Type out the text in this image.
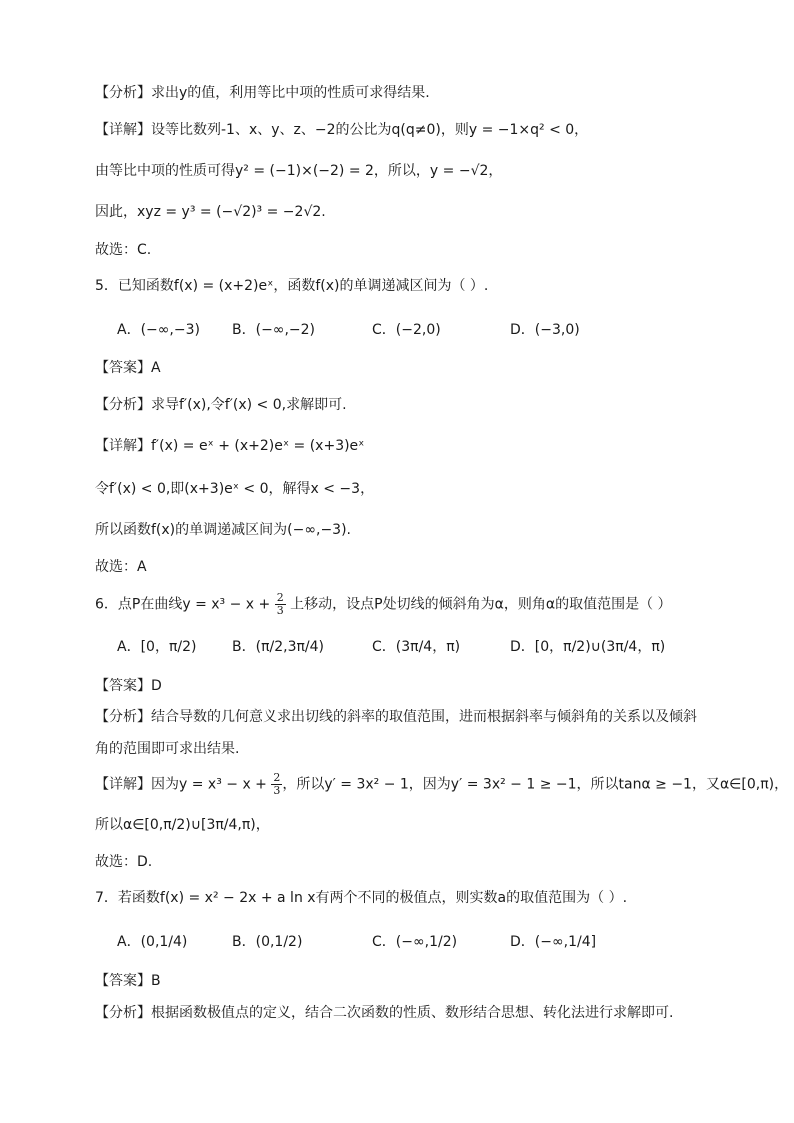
【分析】求出y的值，利用等比中项的性质可求得结果.
【详解】设等比数列-1、x、y、z、−2的公比为q(q≠0)，则y = −1×q² < 0，
由等比中项的性质可得y² = (−1)×(−2) = 2，所以，y = −√2，
因此，xyz = y³ = (−√2)³ = −2√2.
故选：C.
5．已知函数f(x) = (x+2)eˣ，函数f(x)的单调递减区间为（ ）.
A．(−∞,−3) B．(−∞,−2)	C．(−2,0)	D．(−3,0)
【答案】A
【分析】求导f′(x),令f′(x) < 0,求解即可.
【详解】f′(x) = eˣ + (x+2)eˣ = (x+3)eˣ
令f′(x) < 0,即(x+3)eˣ < 0，解得x < −3，
所以函数f(x)的单调递减区间为(−∞,−3).
故选：A
6．点P在曲线$y = x^3 - x + \frac{2}{3}$ 上移动，设点P处切线的倾斜角为α，则角α的取值范围是（ ）
A．[0，π/2)	B．(π/2,3π/4)	C．(3π/4，π)	D．[0，π/2)∪(3π/4，π)
【答案】D
【分析】结合导数的几何意义求出切线的斜率的取值范围，进而根据斜率与倾斜角的关系以及倾斜
角的范围即可求出结果.
【详解】因为$y = x^3 - x + \frac{2}{3}$ ，所以y′ = 3x² − 1，因为y′ = 3x² − 1 ≥ −1，所以tanα ≥ −1，又α∈[0,π)，
所以α∈[0,π/2)∪[3π/4,π)，
故选：D.
7．若函数f(x) = x² − 2x + a ln x有两个不同的极值点，则实数a的取值范围为（ ）.
A．(0,1/4)	B．(0,1/2)	C．(−∞,1/2)	D．(−∞,1/4]
【答案】B
【分析】根据函数极值点的定义，结合二次函数的性质、数形结合思想、转化法进行求解即可.
